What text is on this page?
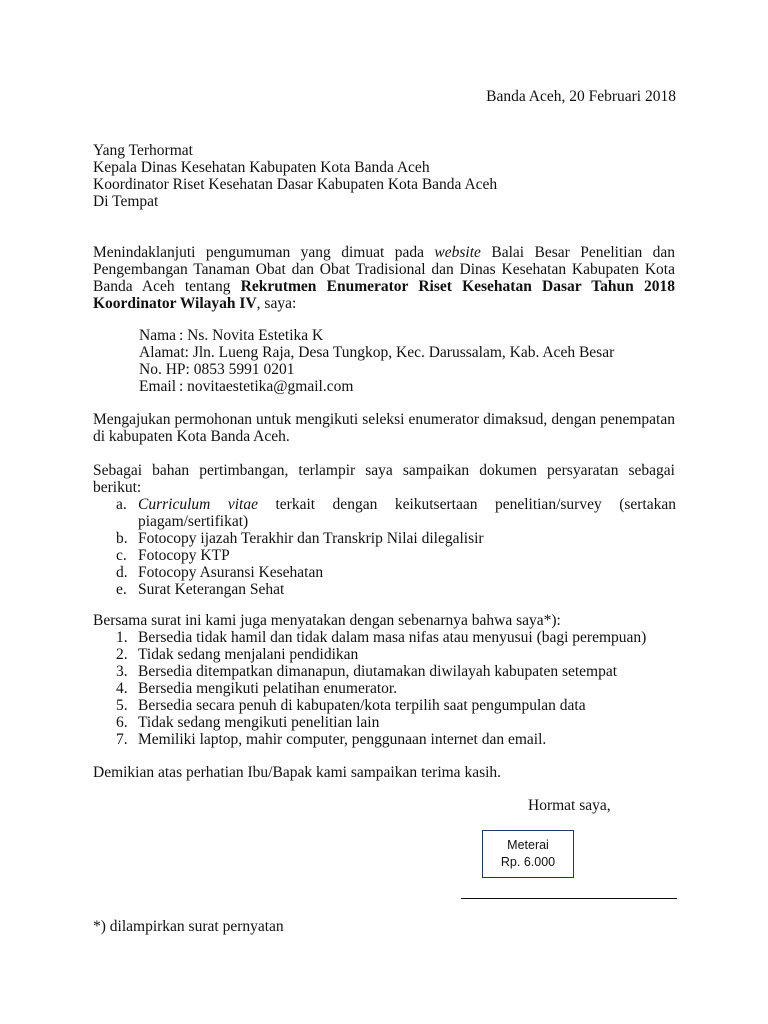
Banda Aceh, 20 Februari 2018
Yang Terhormat
Kepala Dinas Kesehatan Kabupaten Kota Banda Aceh
Koordinator Riset Kesehatan Dasar Kabupaten Kota Banda Aceh
Di Tempat
Menindaklanjuti pengumuman yang dimuat pada website Balai Besar Penelitian dan
Pengembangan Tanaman Obat dan Obat Tradisional dan Dinas Kesehatan Kabupaten Kota
Banda Aceh tentang Rekrutmen Enumerator Riset Kesehatan Dasar Tahun 2018
Koordinator Wilayah IV, saya:
Nama : Ns. Novita Estetika K
Alamat : Jln. Lueng Raja, Desa Tungkop, Kec. Darussalam, Kab. Aceh Besar
No. HP : 0853 5991 0201
Email : novitaestetika@gmail.com
Mengajukan permohonan untuk mengikuti seleksi enumerator dimaksud, dengan penempatan
di kabupaten Kota Banda Aceh.
Sebagai bahan pertimbangan, terlampir saya sampaikan dokumen persyaratan sebagai
berikut:
a. Curriculum vitae terkait dengan keikutsertaan penelitian/survey (sertakan
piagam/sertifikat)
b. Fotocopy ijazah Terakhir dan Transkrip Nilai dilegalisir
c. Fotocopy KTP
d. Fotocopy Asuransi Kesehatan
e. Surat Keterangan Sehat
Bersama surat ini kami juga menyatakan dengan sebenarnya bahwa saya*):
1. Bersedia tidak hamil dan tidak dalam masa nifas atau menyusui (bagi perempuan)
2. Tidak sedang menjalani pendidikan
3. Bersedia ditempatkan dimanapun, diutamakan diwilayah kabupaten setempat
4. Bersedia mengikuti pelatihan enumerator.
5. Bersedia secara penuh di kabupaten/kota terpilih saat pengumpulan data
6. Tidak sedang mengikuti penelitian lain
7. Memiliki laptop, mahir computer, penggunaan internet dan email.
Demikian atas perhatian Ibu/Bapak kami sampaikan terima kasih.
Hormat saya,
Meterai
Rp. 6.000
*) dilampirkan surat pernyatan
